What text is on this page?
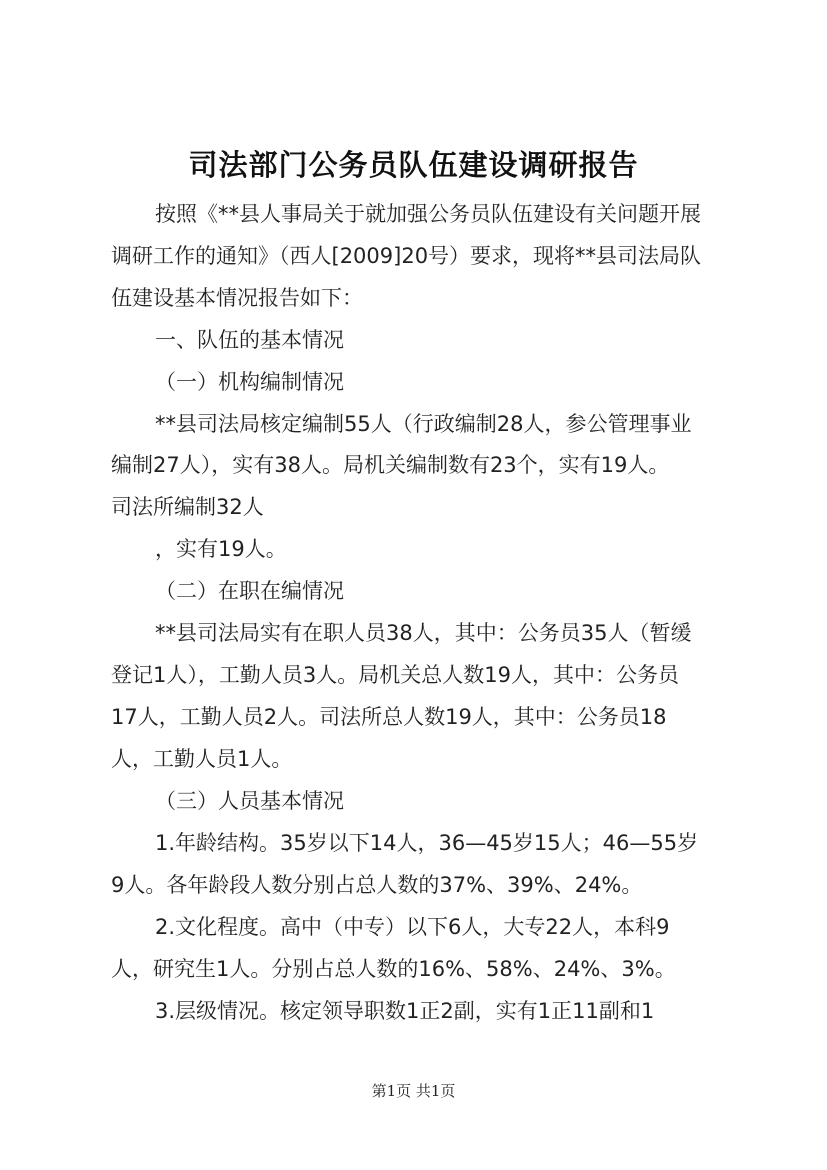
司法部门公务员队伍建设调研报告
按照《**县人事局关于就加强公务员队伍建设有关问题开展
调研工作的通知》（西人[2009]20号）要求，现将**县司法局队
伍建设基本情况报告如下：
一、队伍的基本情况
（一）机构编制情况
**县司法局核定编制55人（行政编制28人，参公管理事业
编制27人），实有38人。局机关编制数有23个，实有19人。
司法所编制32人
，实有19人。
（二）在职在编情况
**县司法局实有在职人员38人，其中：公务员35人（暂缓
登记1人），工勤人员3人。局机关总人数19人，其中：公务员
17人，工勤人员2人。司法所总人数19人，其中：公务员18
人，工勤人员1人。
（三）人员基本情况
1.年龄结构。35岁以下14人，36—45岁15人；46—55岁
9人。各年龄段人数分别占总人数的37%、39%、24%。
2.文化程度。高中（中专）以下6人，大专22人，本科9
人，研究生1人。分别占总人数的16%、58%、24%、3%。
3.层级情况。核定领导职数1正2副，实有1正11副和1
第1页 共1页
